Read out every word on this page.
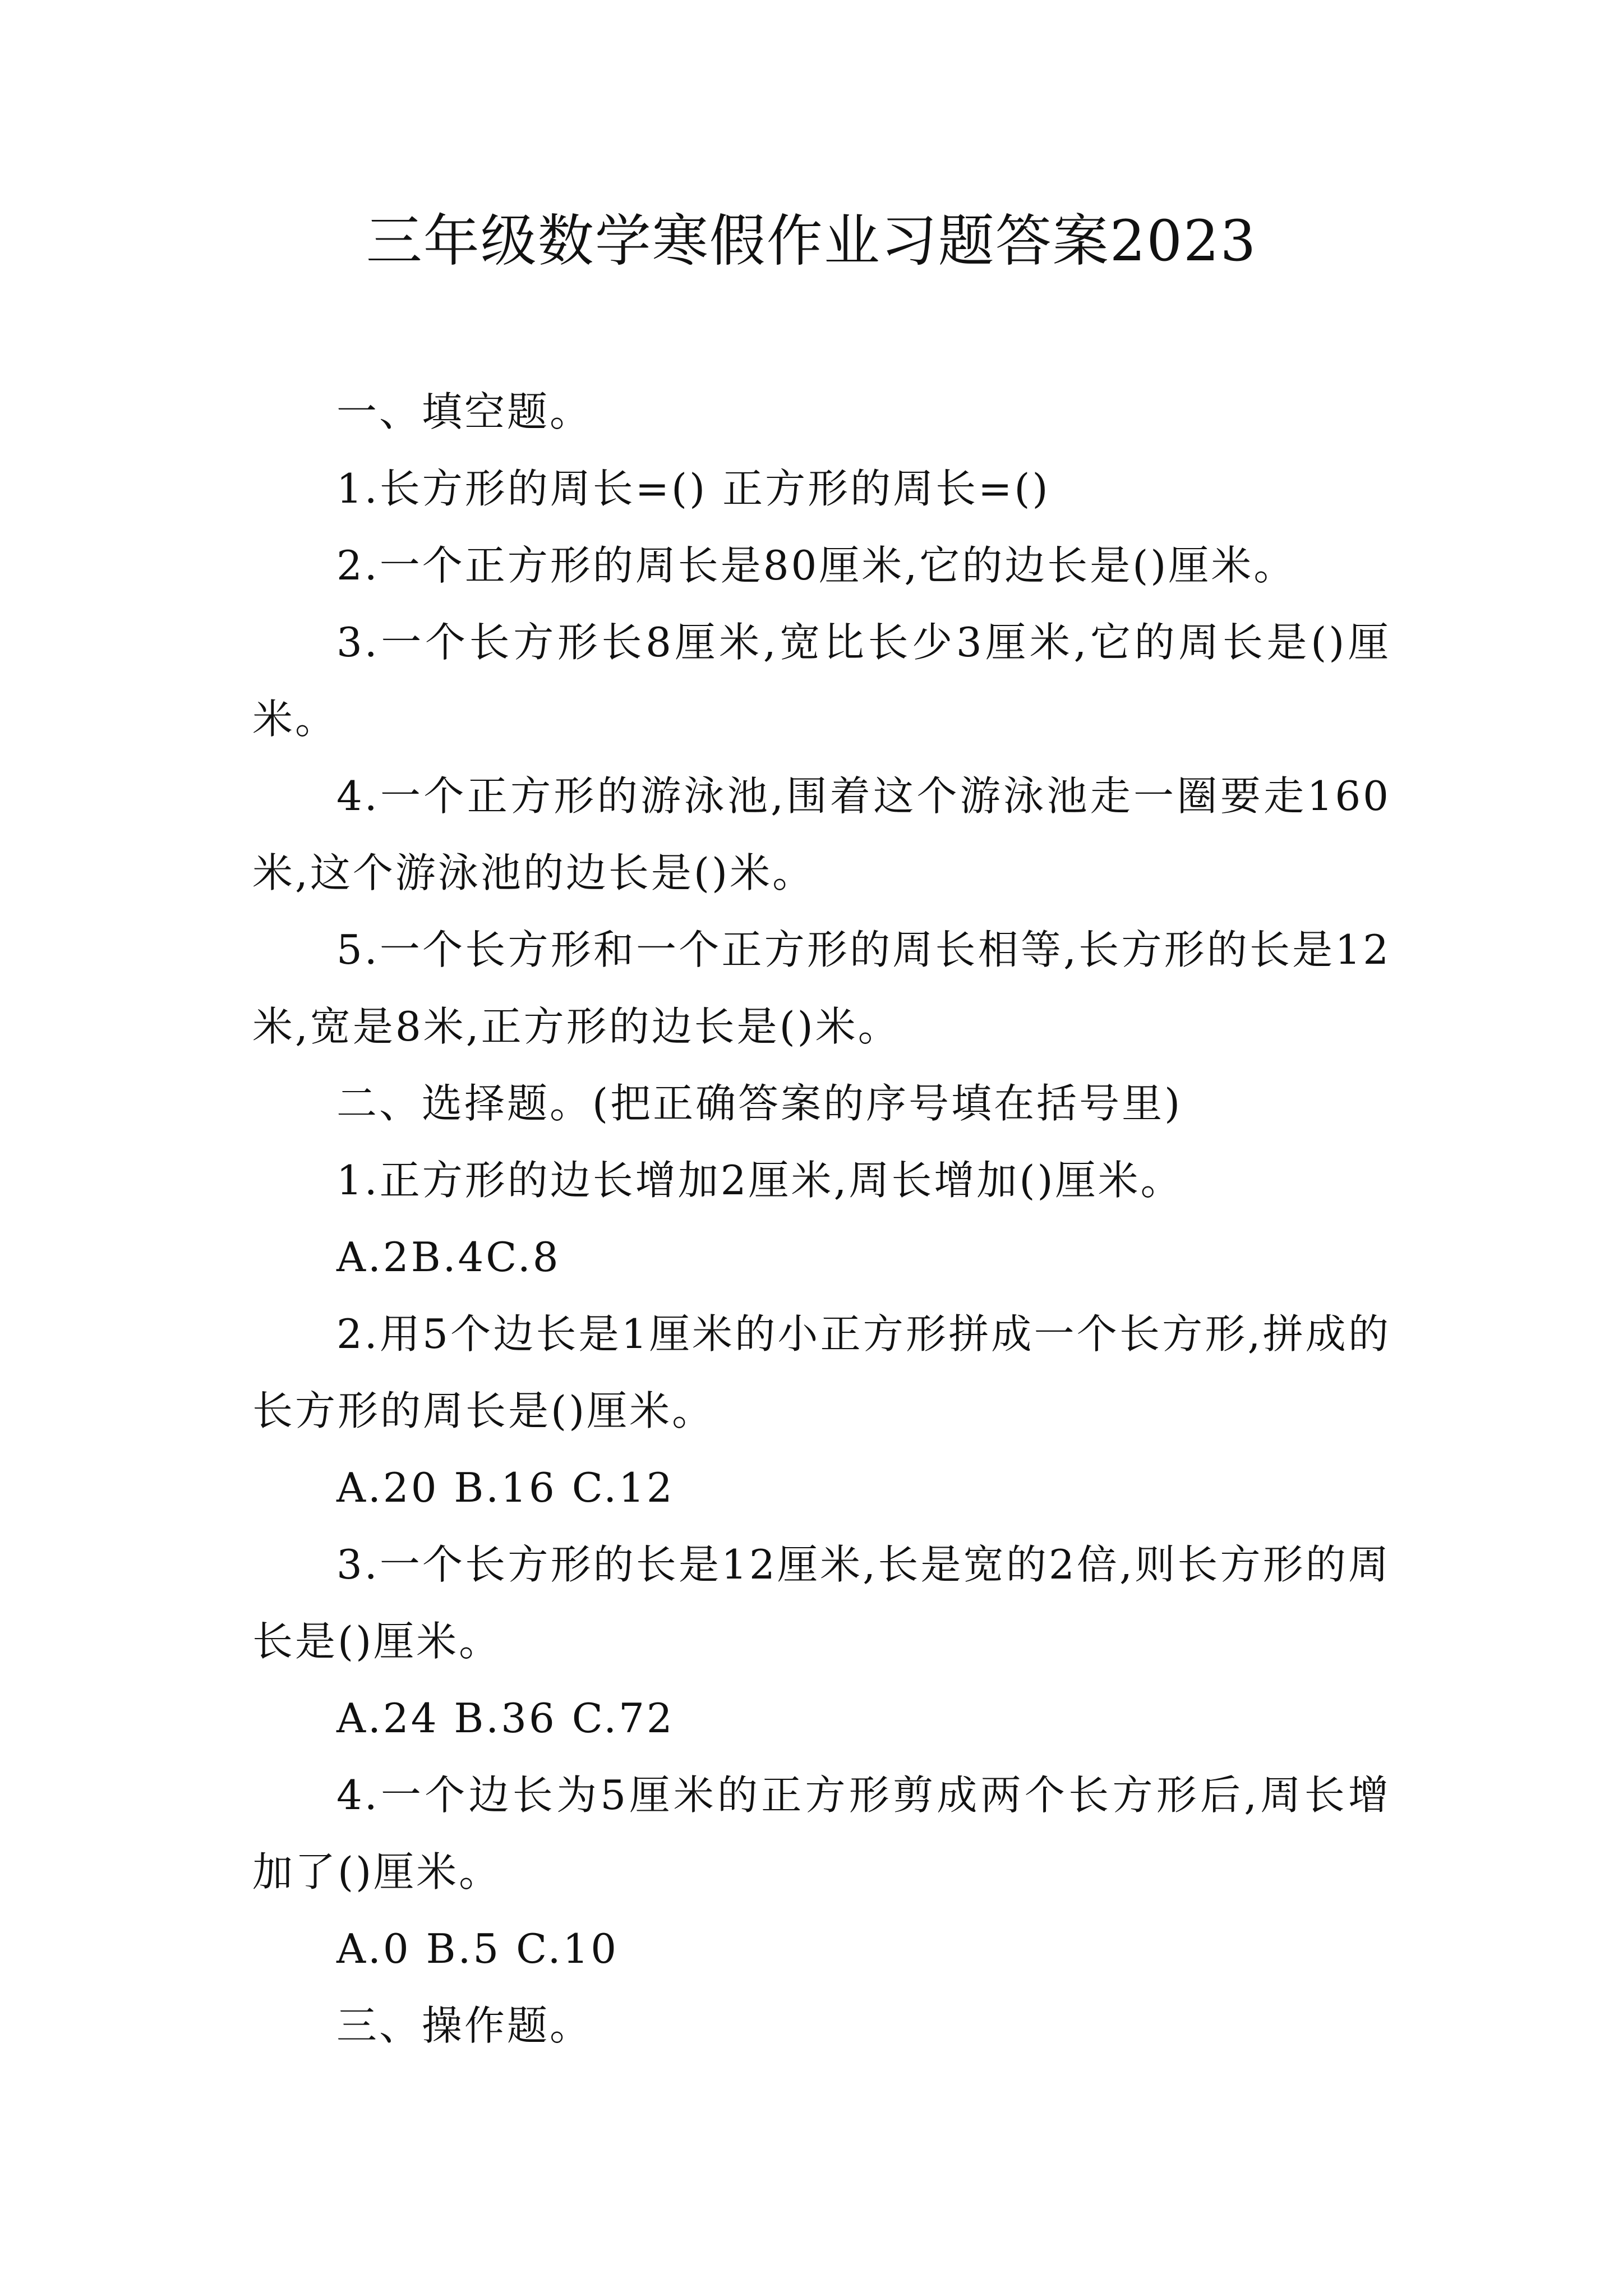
三年级数学寒假作业习题答案2023

一、填空题。

1.长方形的周长=() 正方形的周长=()

2.一个正方形的周长是80厘米,它的边长是()厘米。

3.一个长方形长8厘米,宽比长少3厘米,它的周长是()厘米。

4.一个正方形的游泳池,围着这个游泳池走一圈要走160米,这个游泳池的边长是()米。

5.一个长方形和一个正方形的周长相等,长方形的长是12米,宽是8米,正方形的边长是()米。

二、选择题。(把正确答案的序号填在括号里)

1.正方形的边长增加2厘米,周长增加()厘米。

A.2B.4C.8

2.用5个边长是1厘米的小正方形拼成一个长方形,拼成的长方形的周长是()厘米。

A.20 B.16 C.12

3.一个长方形的长是12厘米,长是宽的2倍,则长方形的周长是()厘米。

A.24 B.36 C.72

4.一个边长为5厘米的正方形剪成两个长方形后,周长增加了()厘米。

A.0 B.5 C.10

三、操作题。
